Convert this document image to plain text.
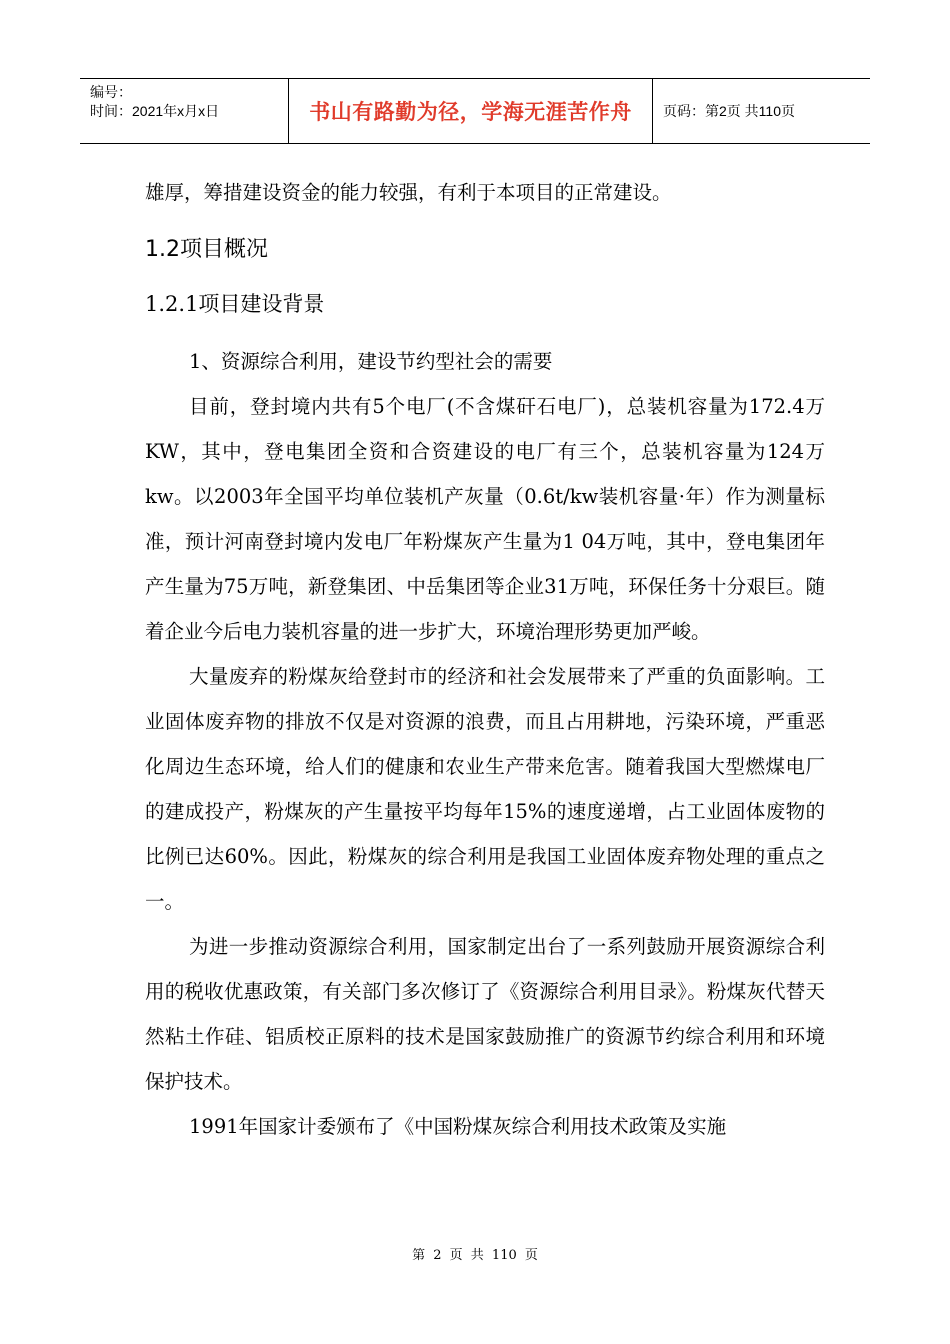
编号：
时间：2021年x月x日	书山有路勤为径，学海无涯苦作舟	页码：第2页 共110页

雄厚，筹措建设资金的能力较强，有利于本项目的正常建设。

1.2项目概况

1.2.1项目建设背景

1、资源综合利用，建设节约型社会的需要

目前，登封境内共有5个电厂(不含煤矸石电厂)，总装机容量为172.4万KW，其中，登电集团全资和合资建设的电厂有三个，总装机容量为124万kw。以2003年全国平均单位装机产灰量（0.6t/kw装机容量·年）作为测量标准，预计河南登封境内发电厂年粉煤灰产生量为1 04万吨，其中，登电集团年产生量为75万吨，新登集团、中岳集团等企业31万吨，环保任务十分艰巨。随着企业今后电力装机容量的进一步扩大，环境治理形势更加严峻。

大量废弃的粉煤灰给登封市的经济和社会发展带来了严重的负面影响。工业固体废弃物的排放不仅是对资源的浪费，而且占用耕地，污染环境，严重恶化周边生态环境，给人们的健康和农业生产带来危害。随着我国大型燃煤电厂的建成投产，粉煤灰的产生量按平均每年15%的速度递增，占工业固体废物的比例已达60%。因此，粉煤灰的综合利用是我国工业固体废弃物处理的重点之一。

为进一步推动资源综合利用，国家制定出台了一系列鼓励开展资源综合利用的税收优惠政策，有关部门多次修订了《资源综合利用目录》。粉煤灰代替天然粘土作硅、铝质校正原料的技术是国家鼓励推广的资源节约综合利用和环境保护技术。

1991年国家计委颁布了《中国粉煤灰综合利用技术政策及实施

第 2 页 共 110 页
